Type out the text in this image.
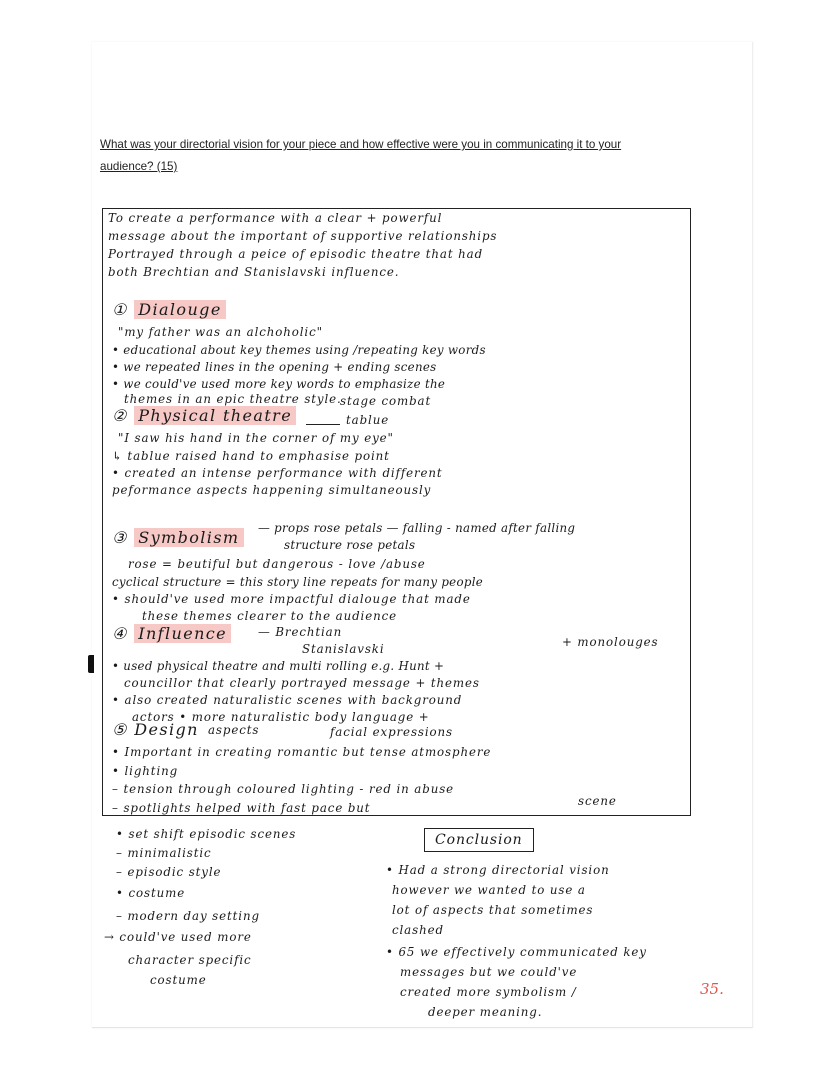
What was your directorial vision for your piece and how effective were you in communicating it to your audience? (15)

To create a performance with a clear + powerful

message about the important of supportive relationships

Portrayed through a peice of episodic theatre that had

both Brechtian and Stanislavski influence.

① Dialouge

"my father was an alchoholic"

• educational about key themes using /repeating key words

• we repeated lines in the opening + ending scenes

• we could've used more key words to emphasize the

themes in an epic theatre style.

stage combat

② Physical theatre	tablue

"I saw his hand in the corner of my eye"

↳ tablue raised hand to emphasise point

• created an intense performance with different

peformance aspects happening simultaneously

③ Symbolism	— props rose petals — falling - named after falling

structure rose petals

rose = beutiful but dangerous - love /abuse

cyclical structure = this story line repeats for many people

• should've used more impactful dialouge that made

these themes clearer to the audience

④ Influence	— Brechtian

Stanislavski	+ monolouges

• used physical theatre and multi rolling e.g. Hunt +

councillor that clearly portrayed message + themes

• also created naturalistic scenes with background

actors • more naturalistic body language +

facial expressions

⑤ Design aspects

• Important in creating romantic but tense atmosphere

• lighting

– tension through coloured lighting - red in abuse

scene

– spotlights helped with fast pace but

• set shift episodic scenes

– minimalistic

– episodic style

• costume

– modern day setting

→ could've used more

character specific

costume

Conclusion

• Had a strong directorial vision

however we wanted to use a

lot of aspects that sometimes

clashed

• 65 we effectively communicated key

messages but we could've

created more symbolism /

deeper meaning.

35.
